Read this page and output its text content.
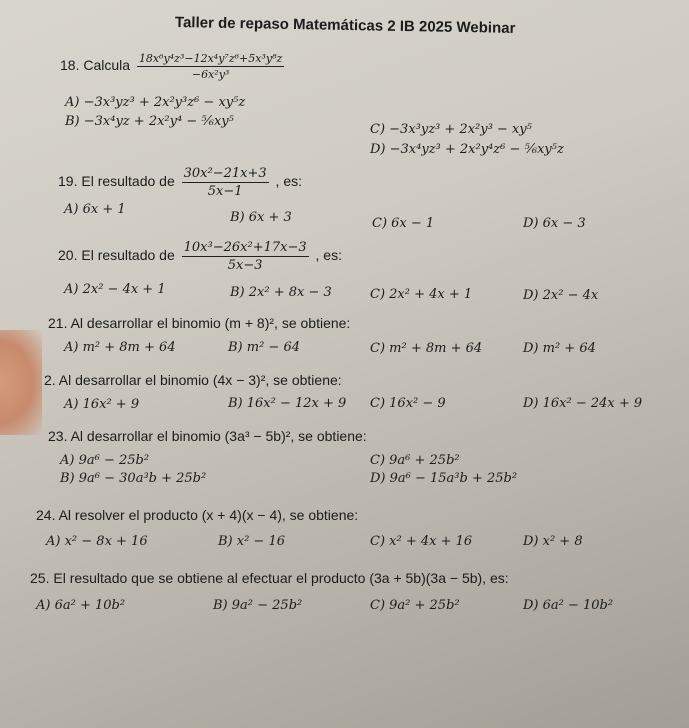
Taller de repaso Matemáticas 2 IB 2025 Webinar
18. Calcula $\frac{\text{18x⁶y⁴z³−12x⁴y⁷z⁶+5x³y⁸z}}{\text{−6x²y³}}$
A) −3x³yz³ + 2x²y³z⁶ − xy⁵z
B) −3x⁴yz + 2x²y⁴ − ⅚xy⁵
C) −3x³yz³ + 2x²y³ − xy⁵
D) −3x⁴yz³ + 2x²y⁴z⁶ − ⅚xy⁵z
19. El resultado de $\frac{\text{30x²−21x+3}}{5x-1}$ , es:
A) 6x + 1
B) 6x + 3	C) 6x − 1	D) 6x − 3
20. El resultado de $\frac{\text{10x³−26x²+17x−3}}{5x-3}$ , es:
A) 2x² − 4x + 1	B) 2x² + 8x − 3	C) 2x² + 4x + 1	D) 2x² − 4x
21. Al desarrollar el binomio (m + 8)², se obtiene:
A) m² + 8m + 64	B) m² − 64	C) m² + 8m + 64	D) m² + 64
2. Al desarrollar el binomio (4x − 3)², se obtiene:
A) 16x² + 9	B) 16x² − 12x + 9 C) 16x² − 9	D) 16x² − 24x + 9
23. Al desarrollar el binomio (3a³ − 5b)², se obtiene:
A) 9a⁶ − 25b²	C) 9a⁶ + 25b²
B) 9a⁶ − 30a³b + 25b²	D) 9a⁶ − 15a³b + 25b²
24. Al resolver el producto (x + 4)(x − 4), se obtiene:
A) x² − 8x + 16	B) x² − 16	C) x² + 4x + 16	D) x² + 8
25. El resultado que se obtiene al efectuar el producto (3a + 5b)(3a − 5b), es:
A) 6a² + 10b²	B) 9a² − 25b²	C) 9a² + 25b²	D) 6a² − 10b²
